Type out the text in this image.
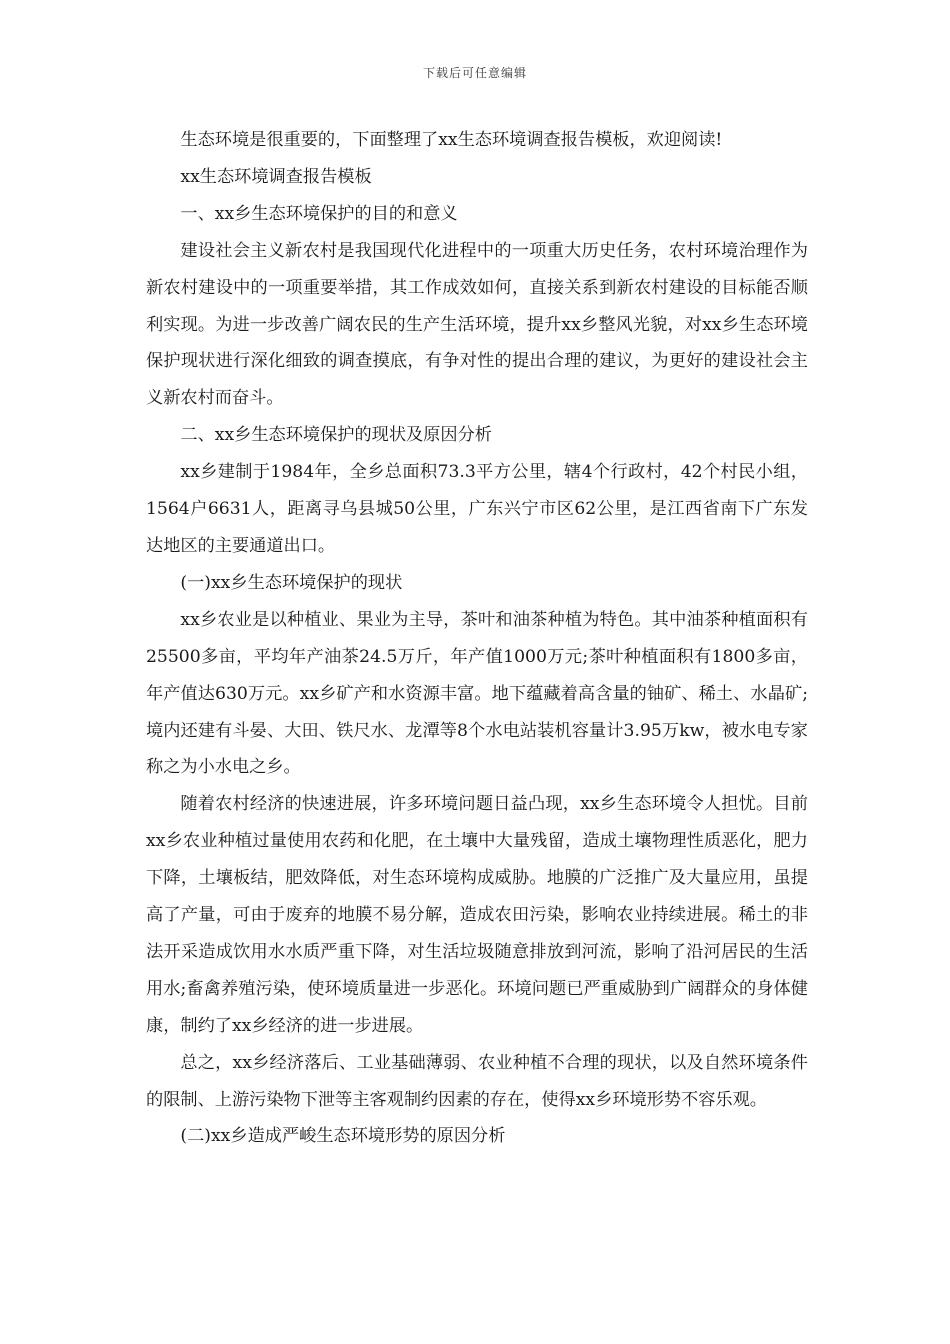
下载后可任意编辑

生态环境是很重要的，下面整理了xx生态环境调查报告模板，欢迎阅读!

xx生态环境调查报告模板

一、xx乡生态环境保护的目的和意义

建设社会主义新农村是我国现代化进程中的一项重大历史任务，农村环境治理作为新农村建设中的一项重要举措，其工作成效如何，直接关系到新农村建设的目标能否顺利实现。为进一步改善广阔农民的生产生活环境，提升xx乡整风光貌，对xx乡生态环境保护现状进行深化细致的调查摸底，有争对性的提出合理的建议，为更好的建设社会主义新农村而奋斗。

二、xx乡生态环境保护的现状及原因分析

xx乡建制于1984年，全乡总面积73.3平方公里，辖4个行政村，42个村民小组，1564户6631人，距离寻乌县城50公里，广东兴宁市区62公里，是江西省南下广东发达地区的主要通道出口。

(一)xx乡生态环境保护的现状

xx乡农业是以种植业、果业为主导，茶叶和油茶种植为特色。其中油茶种植面积有25500多亩，平均年产油茶24.5万斤，年产值1000万元;茶叶种植面积有1800多亩，年产值达630万元。xx乡矿产和水资源丰富。地下蕴藏着高含量的铀矿、稀土、水晶矿;境内还建有斗晏、大田、铁尺水、龙潭等8个水电站装机容量计3.95万kw，被水电专家称之为小水电之乡。

随着农村经济的快速进展，许多环境问题日益凸现，xx乡生态环境令人担忧。目前xx乡农业种植过量使用农药和化肥，在土壤中大量残留，造成土壤物理性质恶化，肥力下降，土壤板结，肥效降低，对生态环境构成威胁。地膜的广泛推广及大量应用，虽提高了产量，可由于废弃的地膜不易分解，造成农田污染，影响农业持续进展。稀土的非法开采造成饮用水水质严重下降，对生活垃圾随意排放到河流，影响了沿河居民的生活用水;畜禽养殖污染，使环境质量进一步恶化。环境问题已严重威胁到广阔群众的身体健康，制约了xx乡经济的进一步进展。

总之，xx乡经济落后、工业基础薄弱、农业种植不合理的现状，以及自然环境条件的限制、上游污染物下泄等主客观制约因素的存在，使得xx乡环境形势不容乐观。

(二)xx乡造成严峻生态环境形势的原因分析
